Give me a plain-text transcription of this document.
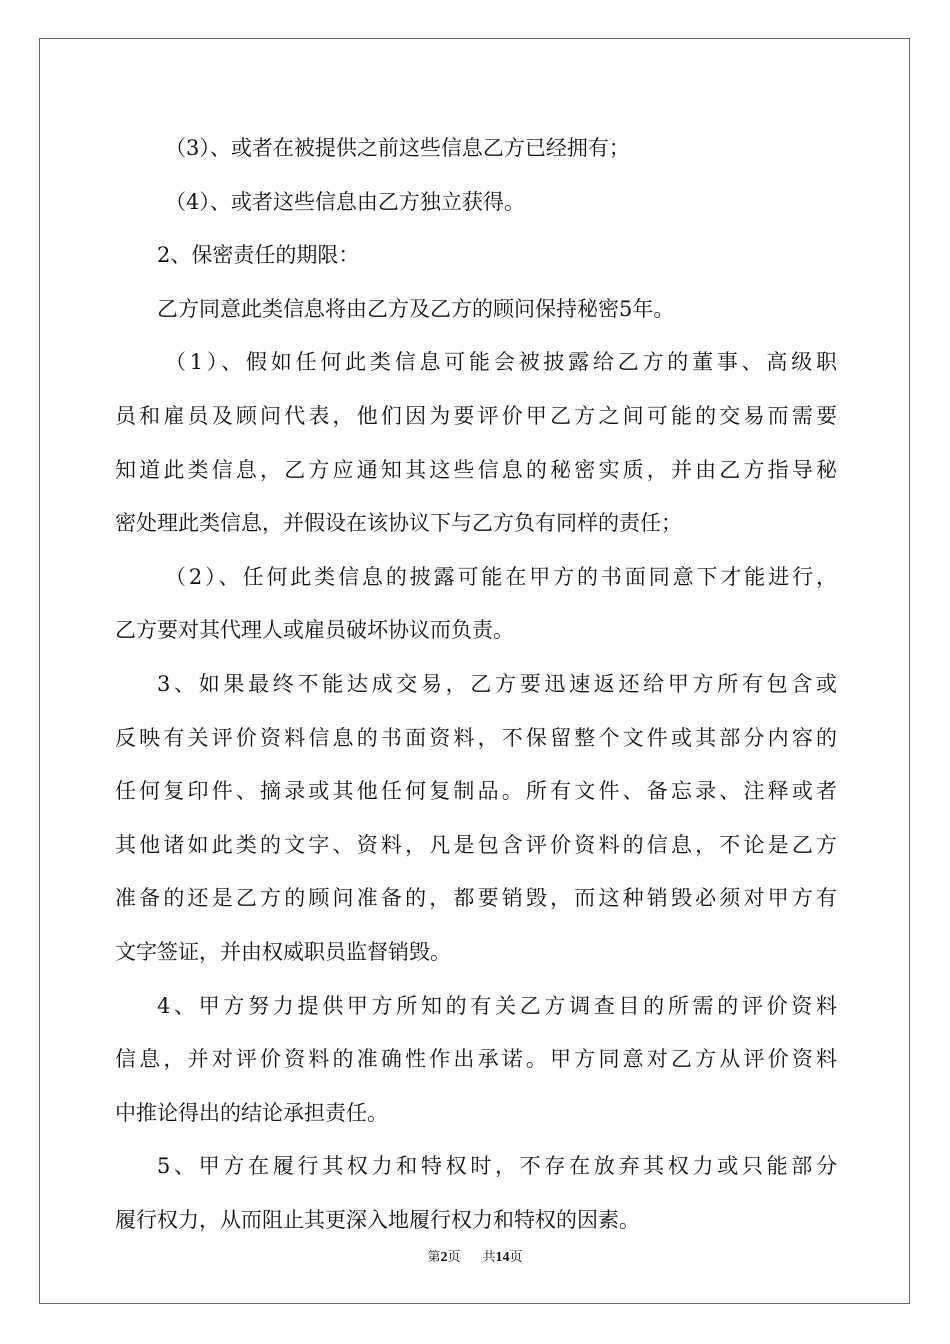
（3）、或者在被提供之前这些信息乙方已经拥有；
（4）、或者这些信息由乙方独立获得。
2、保密责任的期限：
乙方同意此类信息将由乙方及乙方的顾问保持秘密5年。
（1）、假如任何此类信息可能会被披露给乙方的董事、高级职
员和雇员及顾问代表，他们因为要评价甲乙方之间可能的交易而需要
知道此类信息，乙方应通知其这些信息的秘密实质，并由乙方指导秘
密处理此类信息，并假设在该协议下与乙方负有同样的责任；
（2）、任何此类信息的披露可能在甲方的书面同意下才能进行，
乙方要对其代理人或雇员破坏协议而负责。
3、如果最终不能达成交易，乙方要迅速返还给甲方所有包含或
反映有关评价资料信息的书面资料，不保留整个文件或其部分内容的
任何复印件、摘录或其他任何复制品。所有文件、备忘录、注释或者
其他诸如此类的文字、资料，凡是包含评价资料的信息，不论是乙方
准备的还是乙方的顾问准备的，都要销毁，而这种销毁必须对甲方有
文字签证，并由权威职员监督销毁。
4、甲方努力提供甲方所知的有关乙方调查目的所需的评价资料
信息，并对评价资料的准确性作出承诺。甲方同意对乙方从评价资料
中推论得出的结论承担责任。
5、甲方在履行其权力和特权时，不存在放弃其权力或只能部分
履行权力，从而阻止其更深入地履行权力和特权的因素。
第2页 共14页
